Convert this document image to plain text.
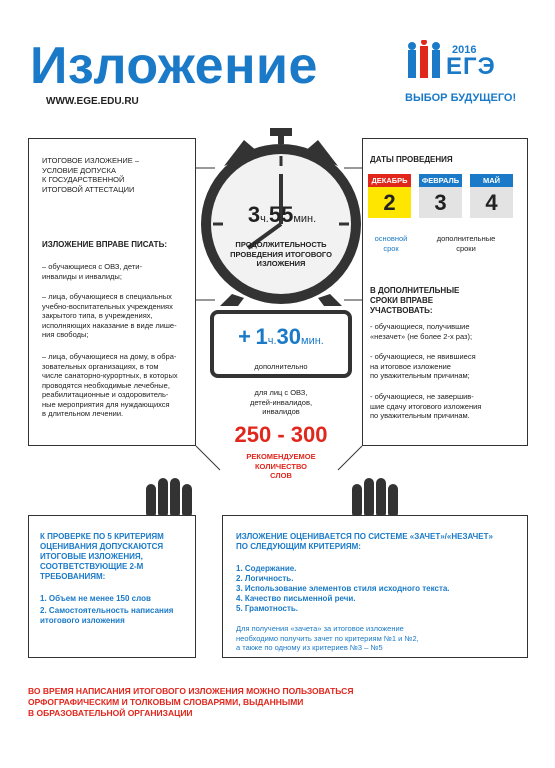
Изложение
WWW.EGE.EDU.RU
2016
ЕГЭ
ВЫБОР БУДУЩЕГО!
ИТОГОВОЕ ИЗЛОЖЕНИЕ –
УСЛОВИЕ ДОПУСКА
К ГОСУДАРСТВЕННОЙ
ИТОГОВОЙ АТТЕСТАЦИИ
ИЗЛОЖЕНИЕ ВПРАВЕ ПИСАТЬ:
– обучающиеся с ОВЗ, дети-
инвалиды и инвалиды;
– лица, обучающиеся в специальных
учебно-воспитательных учреждениях
закрытого типа, в учреждениях,
исполняющих наказание в виде лише-
ния свободы;
– лица, обучающиеся на дому, в обра-
зовательных организациях, в том
числе санаторно-курортных, в которых
проводятся необходимые лечебные,
реабилитационные и оздоровитель-
ные мероприятия для нуждающихся
в длительном лечении.
3ч.55мин.
ПРОДОЛЖИТЕЛЬНОСТЬ
ПРОВЕДЕНИЯ ИТОГОВОГО
ИЗЛОЖЕНИЯ
+ 1ч.30мин.
дополнительно
для лиц с ОВЗ,
детей-инвалидов,
инвалидов
250 - 300
РЕКОМЕНДУЕМОЕ
КОЛИЧЕСТВО
СЛОВ
ДАТЫ ПРОВЕДЕНИЯ
ДЕКАБРЬ
2
ФЕВРАЛЬ
3
МАЙ
4
основной
срок
дополнительные
сроки
В ДОПОЛНИТЕЛЬНЫЕ
СРОКИ ВПРАВЕ
УЧАСТВОВАТЬ:
- обучающиеся, получившие
«незачет» (не более 2-х раз);
- обучающиеся, не явившиеся
на итоговое изложение
по уважительным причинам;
- обучающиеся, не завершив-
шие сдачу итогового изложения
по уважительным причинам.
К ПРОВЕРКЕ ПО 5 КРИТЕРИЯМ
ОЦЕНИВАНИЯ ДОПУСКАЮТСЯ
ИТОГОВЫЕ ИЗЛОЖЕНИЯ,
СООТВЕТСТВУЮЩИЕ 2-М
ТРЕБОВАНИЯМ:
1. Объем не менее 150 слов
2. Самостоятельность написания
итогового изложения
ИЗЛОЖЕНИЕ ОЦЕНИВАЕТСЯ ПО СИСТЕМЕ «ЗАЧЕТ»/«НЕЗАЧЕТ»
ПО СЛЕДУЮЩИМ КРИТЕРИЯМ:
1. Содержание.
2. Логичность.
3. Использование элементов стиля исходного текста.
4. Качество письменной речи.
5. Грамотность.
Для получения «зачета» за итоговое изложение
необходимо получить зачет по критериям №1 и №2,
а также по одному из критериев №3 – №5
ВО ВРЕМЯ НАПИСАНИЯ ИТОГОВОГО ИЗЛОЖЕНИЯ МОЖНО ПОЛЬЗОВАТЬСЯ
ОРФОГРАФИЧЕСКИМ И ТОЛКОВЫМ СЛОВАРЯМИ, ВЫДАННЫМИ
В ОБРАЗОВАТЕЛЬНОЙ ОРГАНИЗАЦИИ
